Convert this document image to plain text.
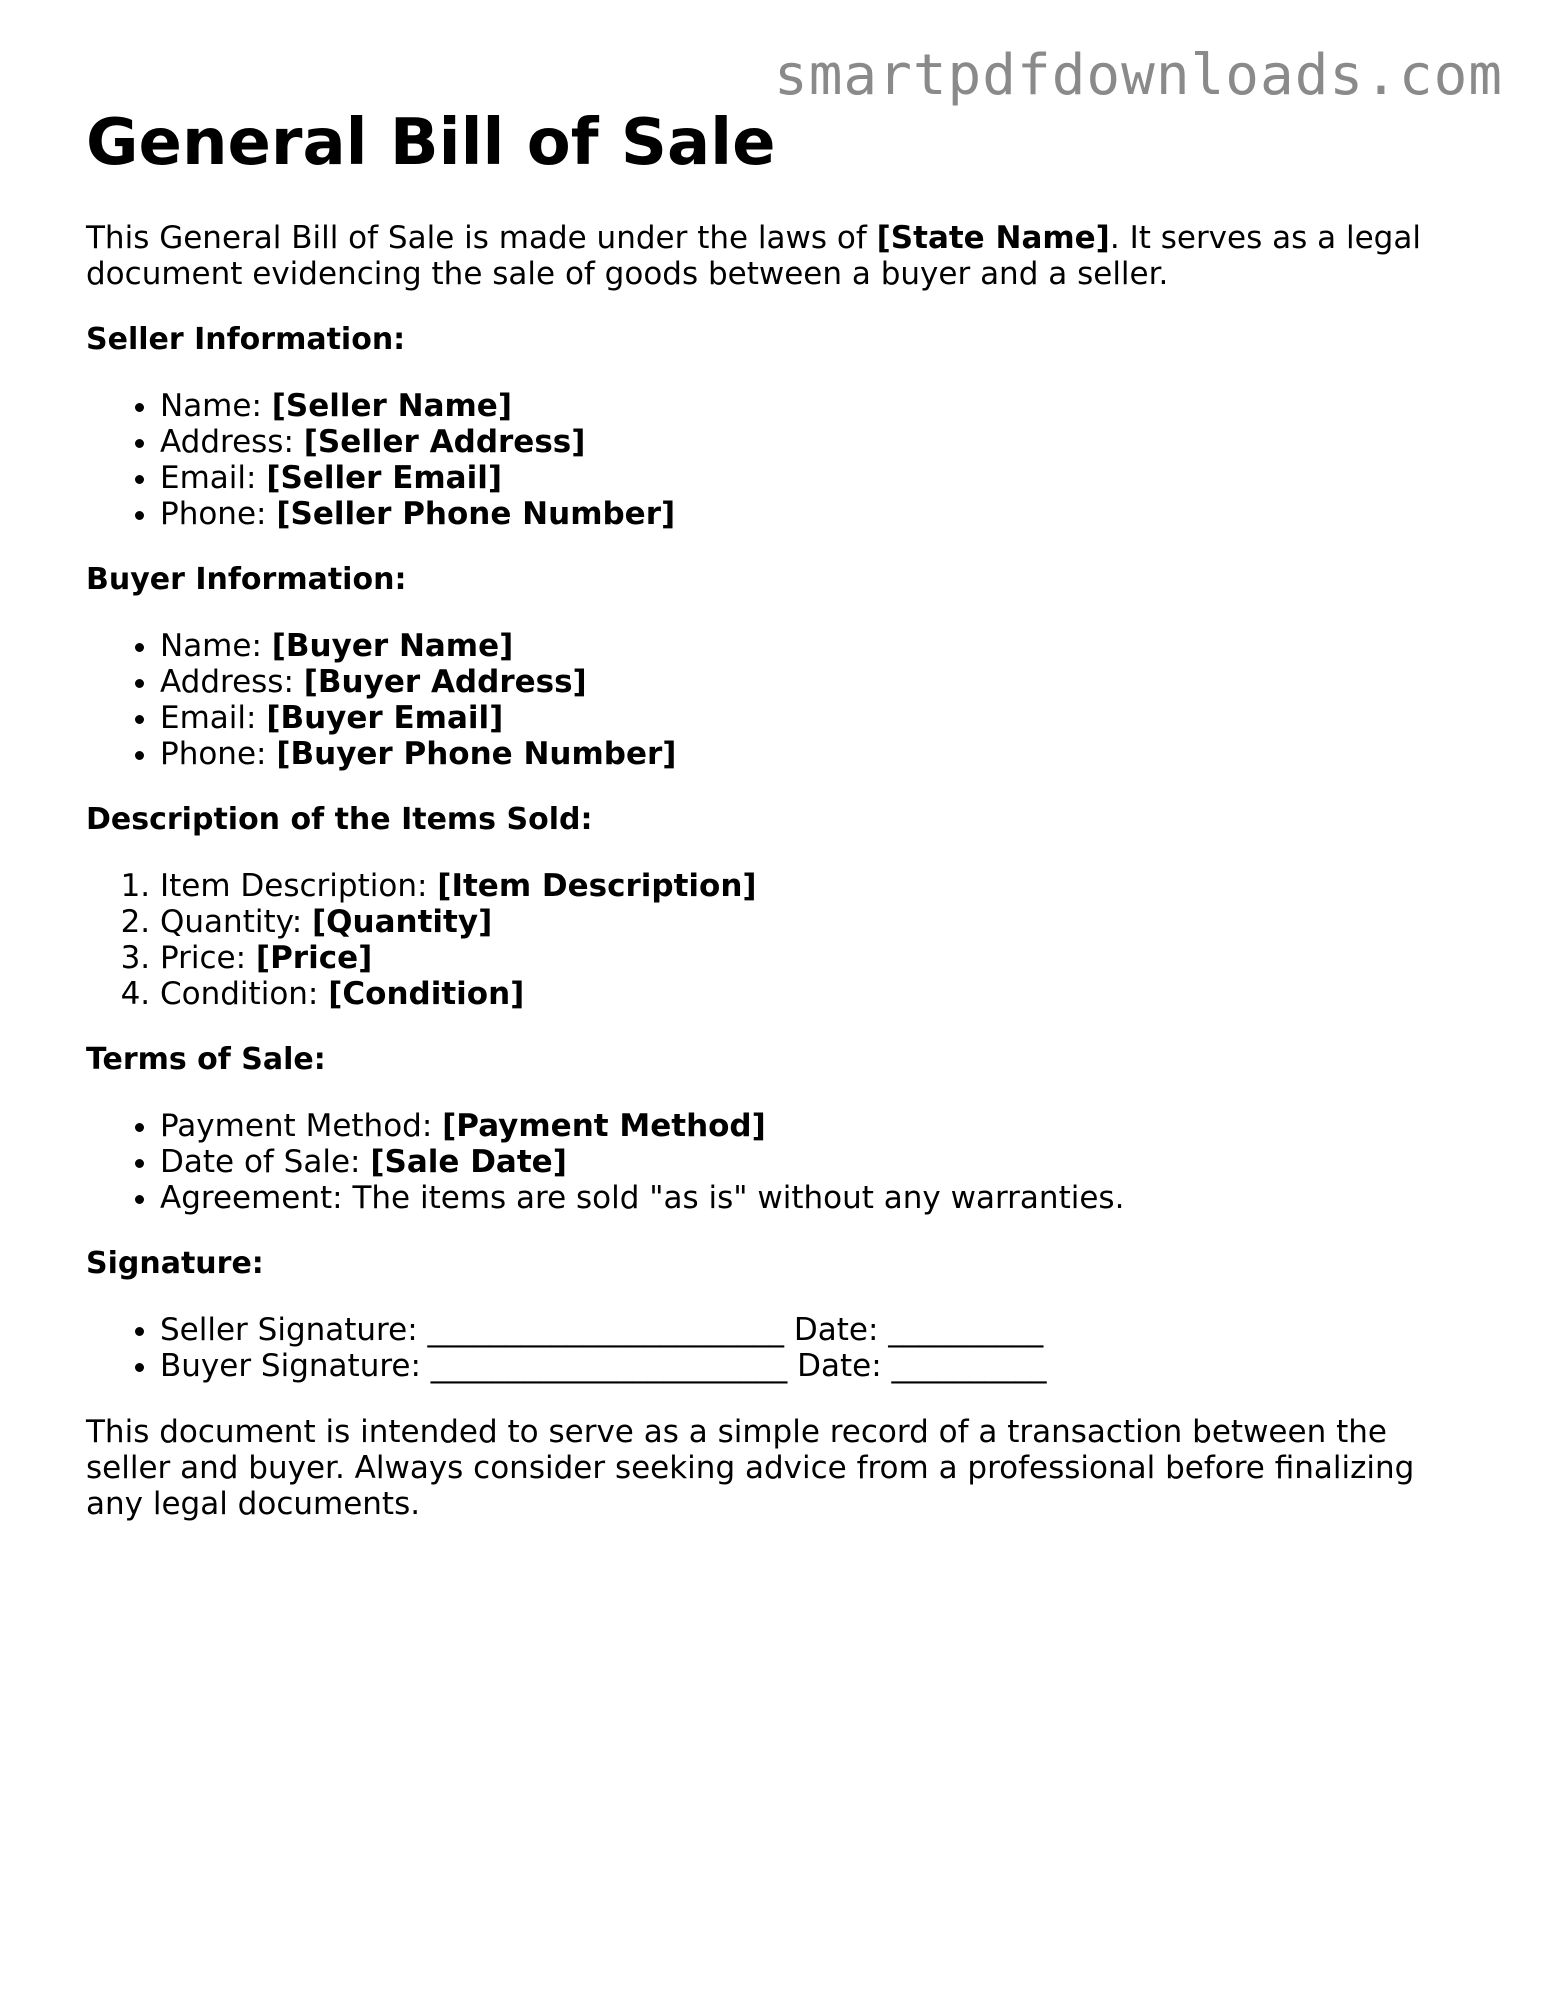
smartpdfdownloads.com
General Bill of Sale

This General Bill of Sale is made under the laws of [State Name]. It serves as a legal document evidencing the sale of goods between a buyer and a seller.

Seller Information:
• Name: [Seller Name]
• Address: [Seller Address]
• Email: [Seller Email]
• Phone: [Seller Phone Number]
Buyer Information:
• Name: [Buyer Name]
• Address: [Buyer Address]
• Email: [Buyer Email]
• Phone: [Buyer Phone Number]
Description of the Items Sold:
1. Item Description: [Item Description]
2. Quantity: [Quantity]
3. Price: [Price]
4. Condition: [Condition]
Terms of Sale:
• Payment Method: [Payment Method]
• Date of Sale: [Sale Date]
• Agreement: The items are sold "as is" without any warranties.
Signature:
• Seller Signature: _______________________ Date: __________
• Buyer Signature: _______________________ Date: __________

This document is intended to serve as a simple record of a transaction between the seller and buyer. Always consider seeking advice from a professional before finalizing any legal documents.
